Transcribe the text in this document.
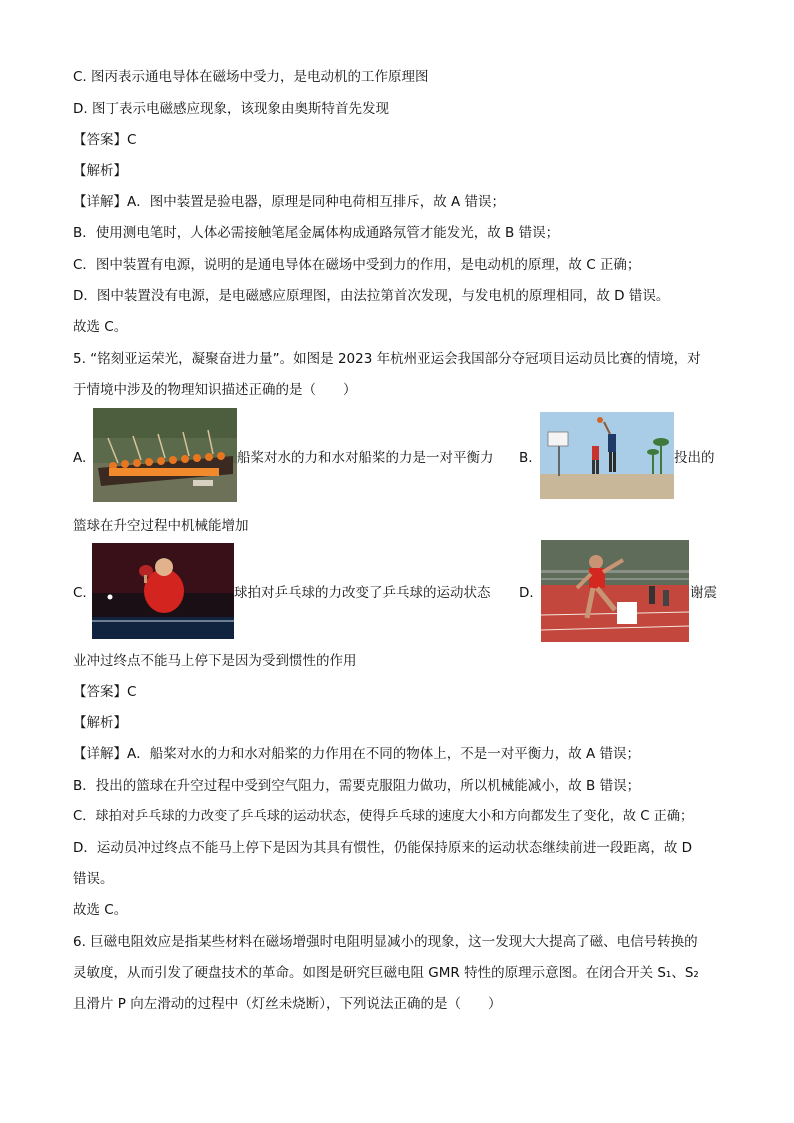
C. 图丙表示通电导体在磁场中受力，是电动机的工作原理图
D. 图丁表示电磁感应现象，该现象由奥斯特首先发现
【答案】C
【解析】
【详解】A．图中装置是验电器，原理是同种电荷相互排斥，故 A 错误；
B．使用测电笔时，人体必需接触笔尾金属体构成通路氖管才能发光，故 B 错误；
C．图中装置有电源，说明的是通电导体在磁场中受到力的作用，是电动机的原理，故 C 正确；
D．图中装置没有电源，是电磁感应原理图，由法拉第首次发现，与发电机的原理相同，故 D 错误。
故选 C。
5. “铭刻亚运荣光，凝聚奋进力量”。如图是 2023 年杭州亚运会我国部分夺冠项目运动员比赛的情境，对
于情境中涉及的物理知识描述正确的是（　　）
A.	船桨对水的力和水对船桨的力是一对平衡力 B.	投出的
篮球在升空过程中机械能增加
C.	球拍对乒乓球的力改变了乒乓球的运动状态 D.	谢震
业冲过终点不能马上停下是因为受到惯性的作用
【答案】C
【解析】
【详解】A．船桨对水的力和水对船桨的力作用在不同的物体上，不是一对平衡力，故 A 错误；
B．投出的篮球在升空过程中受到空气阻力，需要克服阻力做功，所以机械能减小，故 B 错误；
C．球拍对乒乓球的力改变了乒乓球的运动状态，使得乒乓球的速度大小和方向都发生了变化，故 C 正确；
D．运动员冲过终点不能马上停下是因为其具有惯性，仍能保持原来的运动状态继续前进一段距离，故 D
错误。
故选 C。
6. 巨磁电阻效应是指某些材料在磁场增强时电阻明显减小的现象，这一发现大大提高了磁、电信号转换的
灵敏度，从而引发了硬盘技术的革命。如图是研究巨磁电阻 GMR 特性的原理示意图。在闭合开关 S₁、S₂
且滑片 P 向左滑动的过程中（灯丝未烧断），下列说法正确的是（　　）
